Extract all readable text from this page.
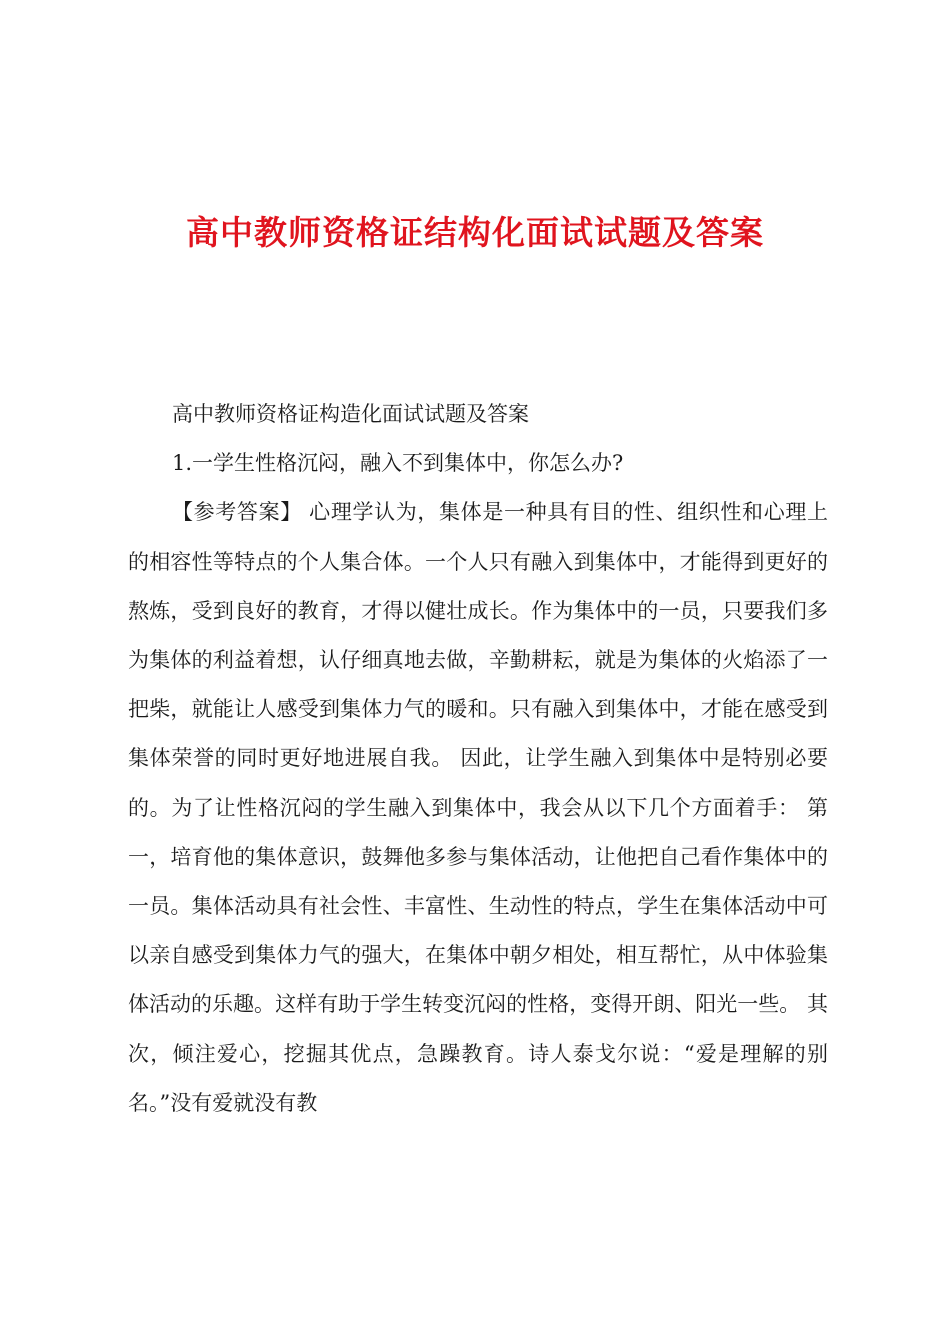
高中教师资格证结构化面试试题及答案

高中教师资格证构造化面试试题及答案

1.一学生性格沉闷，融入不到集体中，你怎么办?

【参考答案】 心理学认为，集体是一种具有目的性、组织性和心理上的相容性等特点的个人集合体。一个人只有融入到集体中，才能得到更好的熬炼，受到良好的教育，才得以健壮成长。作为集体中的一员，只要我们多为集体的利益着想，认仔细真地去做，辛勤耕耘，就是为集体的火焰添了一把柴，就能让人感受到集体力气的暖和。只有融入到集体中，才能在感受到集体荣誉的同时更好地进展自我。 因此，让学生融入到集体中是特别必要的。为了让性格沉闷的学生融入到集体中，我会从以下几个方面着手： 第一，培育他的集体意识，鼓舞他多参与集体活动，让他把自己看作集体中的一员。集体活动具有社会性、丰富性、生动性的特点，学生在集体活动中可以亲自感受到集体力气的强大，在集体中朝夕相处，相互帮忙，从中体验集体活动的乐趣。这样有助于学生转变沉闷的性格，变得开朗、阳光一些。 其次，倾注爱心，挖掘其优点，急躁教育。诗人泰戈尔说：“爱是理解的别名。”没有爱就没有教
